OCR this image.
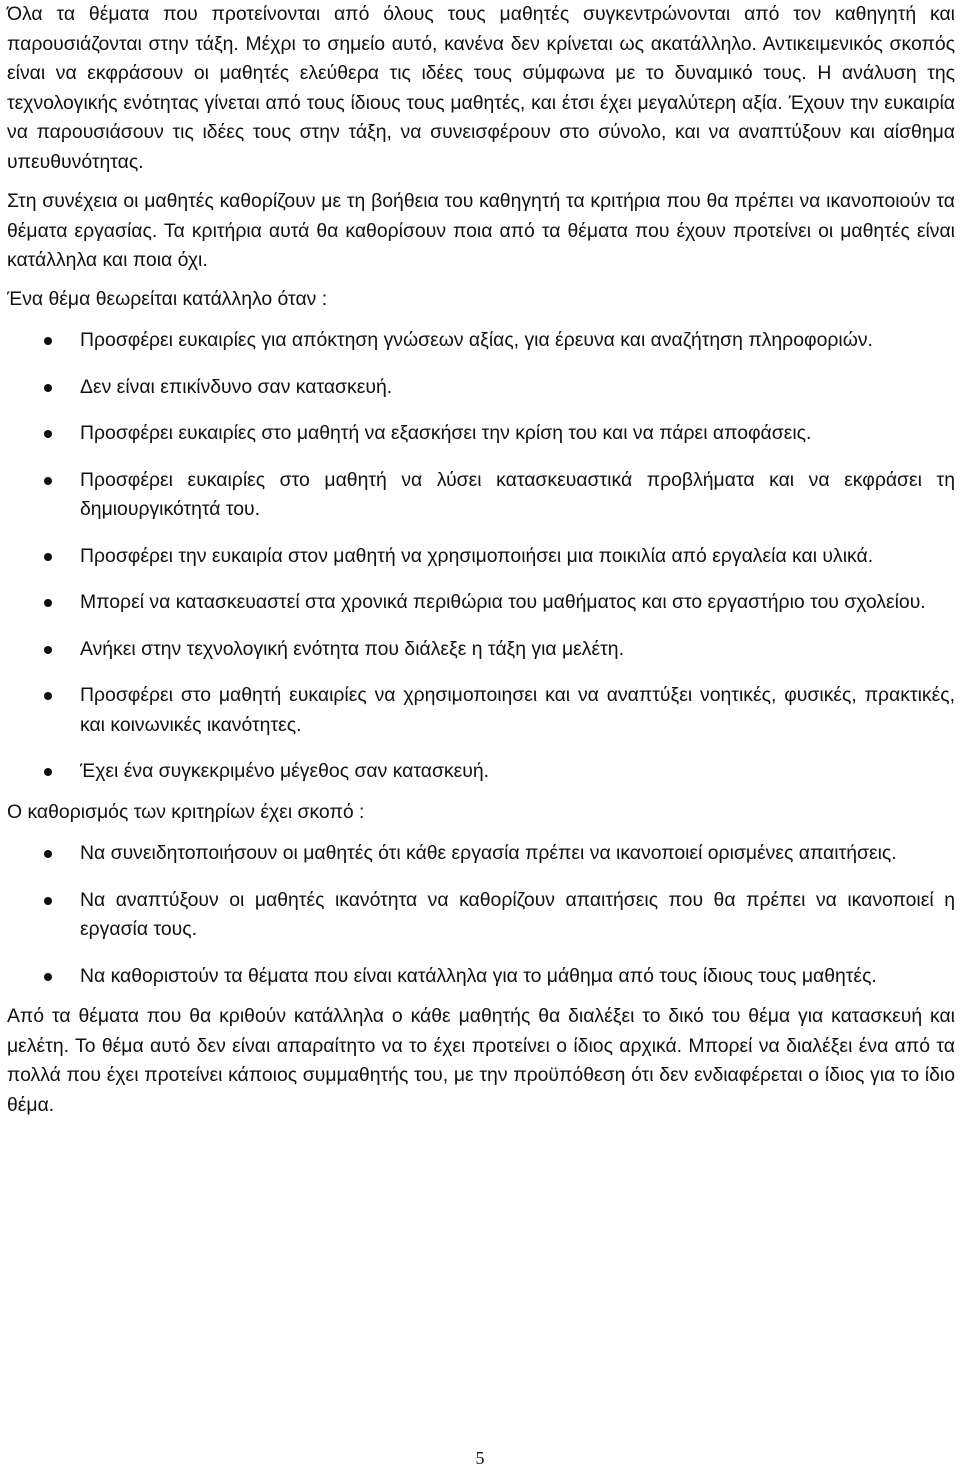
Όλα τα θέματα που προτείνονται από όλους τους μαθητές συγκεντρώνονται από τον καθηγητή και παρουσιάζονται στην τάξη. Μέχρι το σημείο αυτό, κανένα δεν κρίνεται ως ακατάλληλο. Αντικειμενικός σκοπός είναι να εκφράσουν οι μαθητές ελεύθερα τις ιδέες τους σύμφωνα με το δυναμικό τους. Η ανάλυση της τεχνολογικής ενότητας γίνεται από τους ίδιους τους μαθητές, και έτσι έχει μεγαλύτερη αξία. Έχουν την ευκαιρία να παρουσιάσουν τις ιδέες τους στην τάξη, να συνεισφέρουν στο σύνολο, και να αναπτύξουν και αίσθημα υπευθυνότητας.

Στη συνέχεια οι μαθητές καθορίζουν με τη βοήθεια του καθηγητή τα κριτήρια που θα πρέπει να ικανοποιούν τα θέματα εργασίας. Τα κριτήρια αυτά θα καθορίσουν ποια από τα θέματα που έχουν προτείνει οι μαθητές είναι κατάλληλα και ποια όχι.

Ένα θέμα θεωρείται κατάλληλο όταν :

Προσφέρει ευκαιρίες για απόκτηση γνώσεων αξίας, για έρευνα και αναζήτηση πληροφοριών.
Δεν είναι επικίνδυνο σαν κατασκευή.
Προσφέρει ευκαιρίες στο μαθητή να εξασκήσει την κρίση του και να πάρει αποφάσεις.
Προσφέρει ευκαιρίες στο μαθητή να λύσει κατασκευαστικά προβλήματα και να εκφράσει τη δημιουργικότητά του.
Προσφέρει την ευκαιρία στον μαθητή να χρησιμοποιήσει μια ποικιλία από εργαλεία και υλικά.
Μπορεί να κατασκευαστεί στα χρονικά περιθώρια του μαθήματος και στο εργαστήριο του σχολείου.
Ανήκει στην τεχνολογική ενότητα που διάλεξε η τάξη για μελέτη.
Προσφέρει στο μαθητή ευκαιρίες να χρησιμοποιησει και να αναπτύξει νοητικές, φυσικές, πρακτικές, και κοινωνικές ικανότητες.
Έχει ένα συγκεκριμένο μέγεθος σαν κατασκευή.

Ο καθορισμός των κριτηρίων έχει σκοπό :

Να συνειδητοποιήσουν οι μαθητές ότι κάθε εργασία πρέπει να ικανοποιεί ορισμένες απαιτήσεις.
Να αναπτύξουν οι μαθητές ικανότητα να καθορίζουν απαιτήσεις που θα πρέπει να ικανοποιεί η εργασία τους.
Να καθοριστούν τα θέματα που είναι κατάλληλα για το μάθημα από τους ίδιους τους μαθητές.

Από τα θέματα που θα κριθούν κατάλληλα ο κάθε μαθητής θα διαλέξει το δικό του θέμα για κατασκευή και μελέτη. Το θέμα αυτό δεν είναι απαραίτητο να το έχει προτείνει ο ίδιος αρχικά. Μπορεί να διαλέξει ένα από τα πολλά που έχει προτείνει κάποιος συμμαθητής του, με την προϋπόθεση ότι δεν ενδιαφέρεται ο ίδιος για το ίδιο θέμα.

5
